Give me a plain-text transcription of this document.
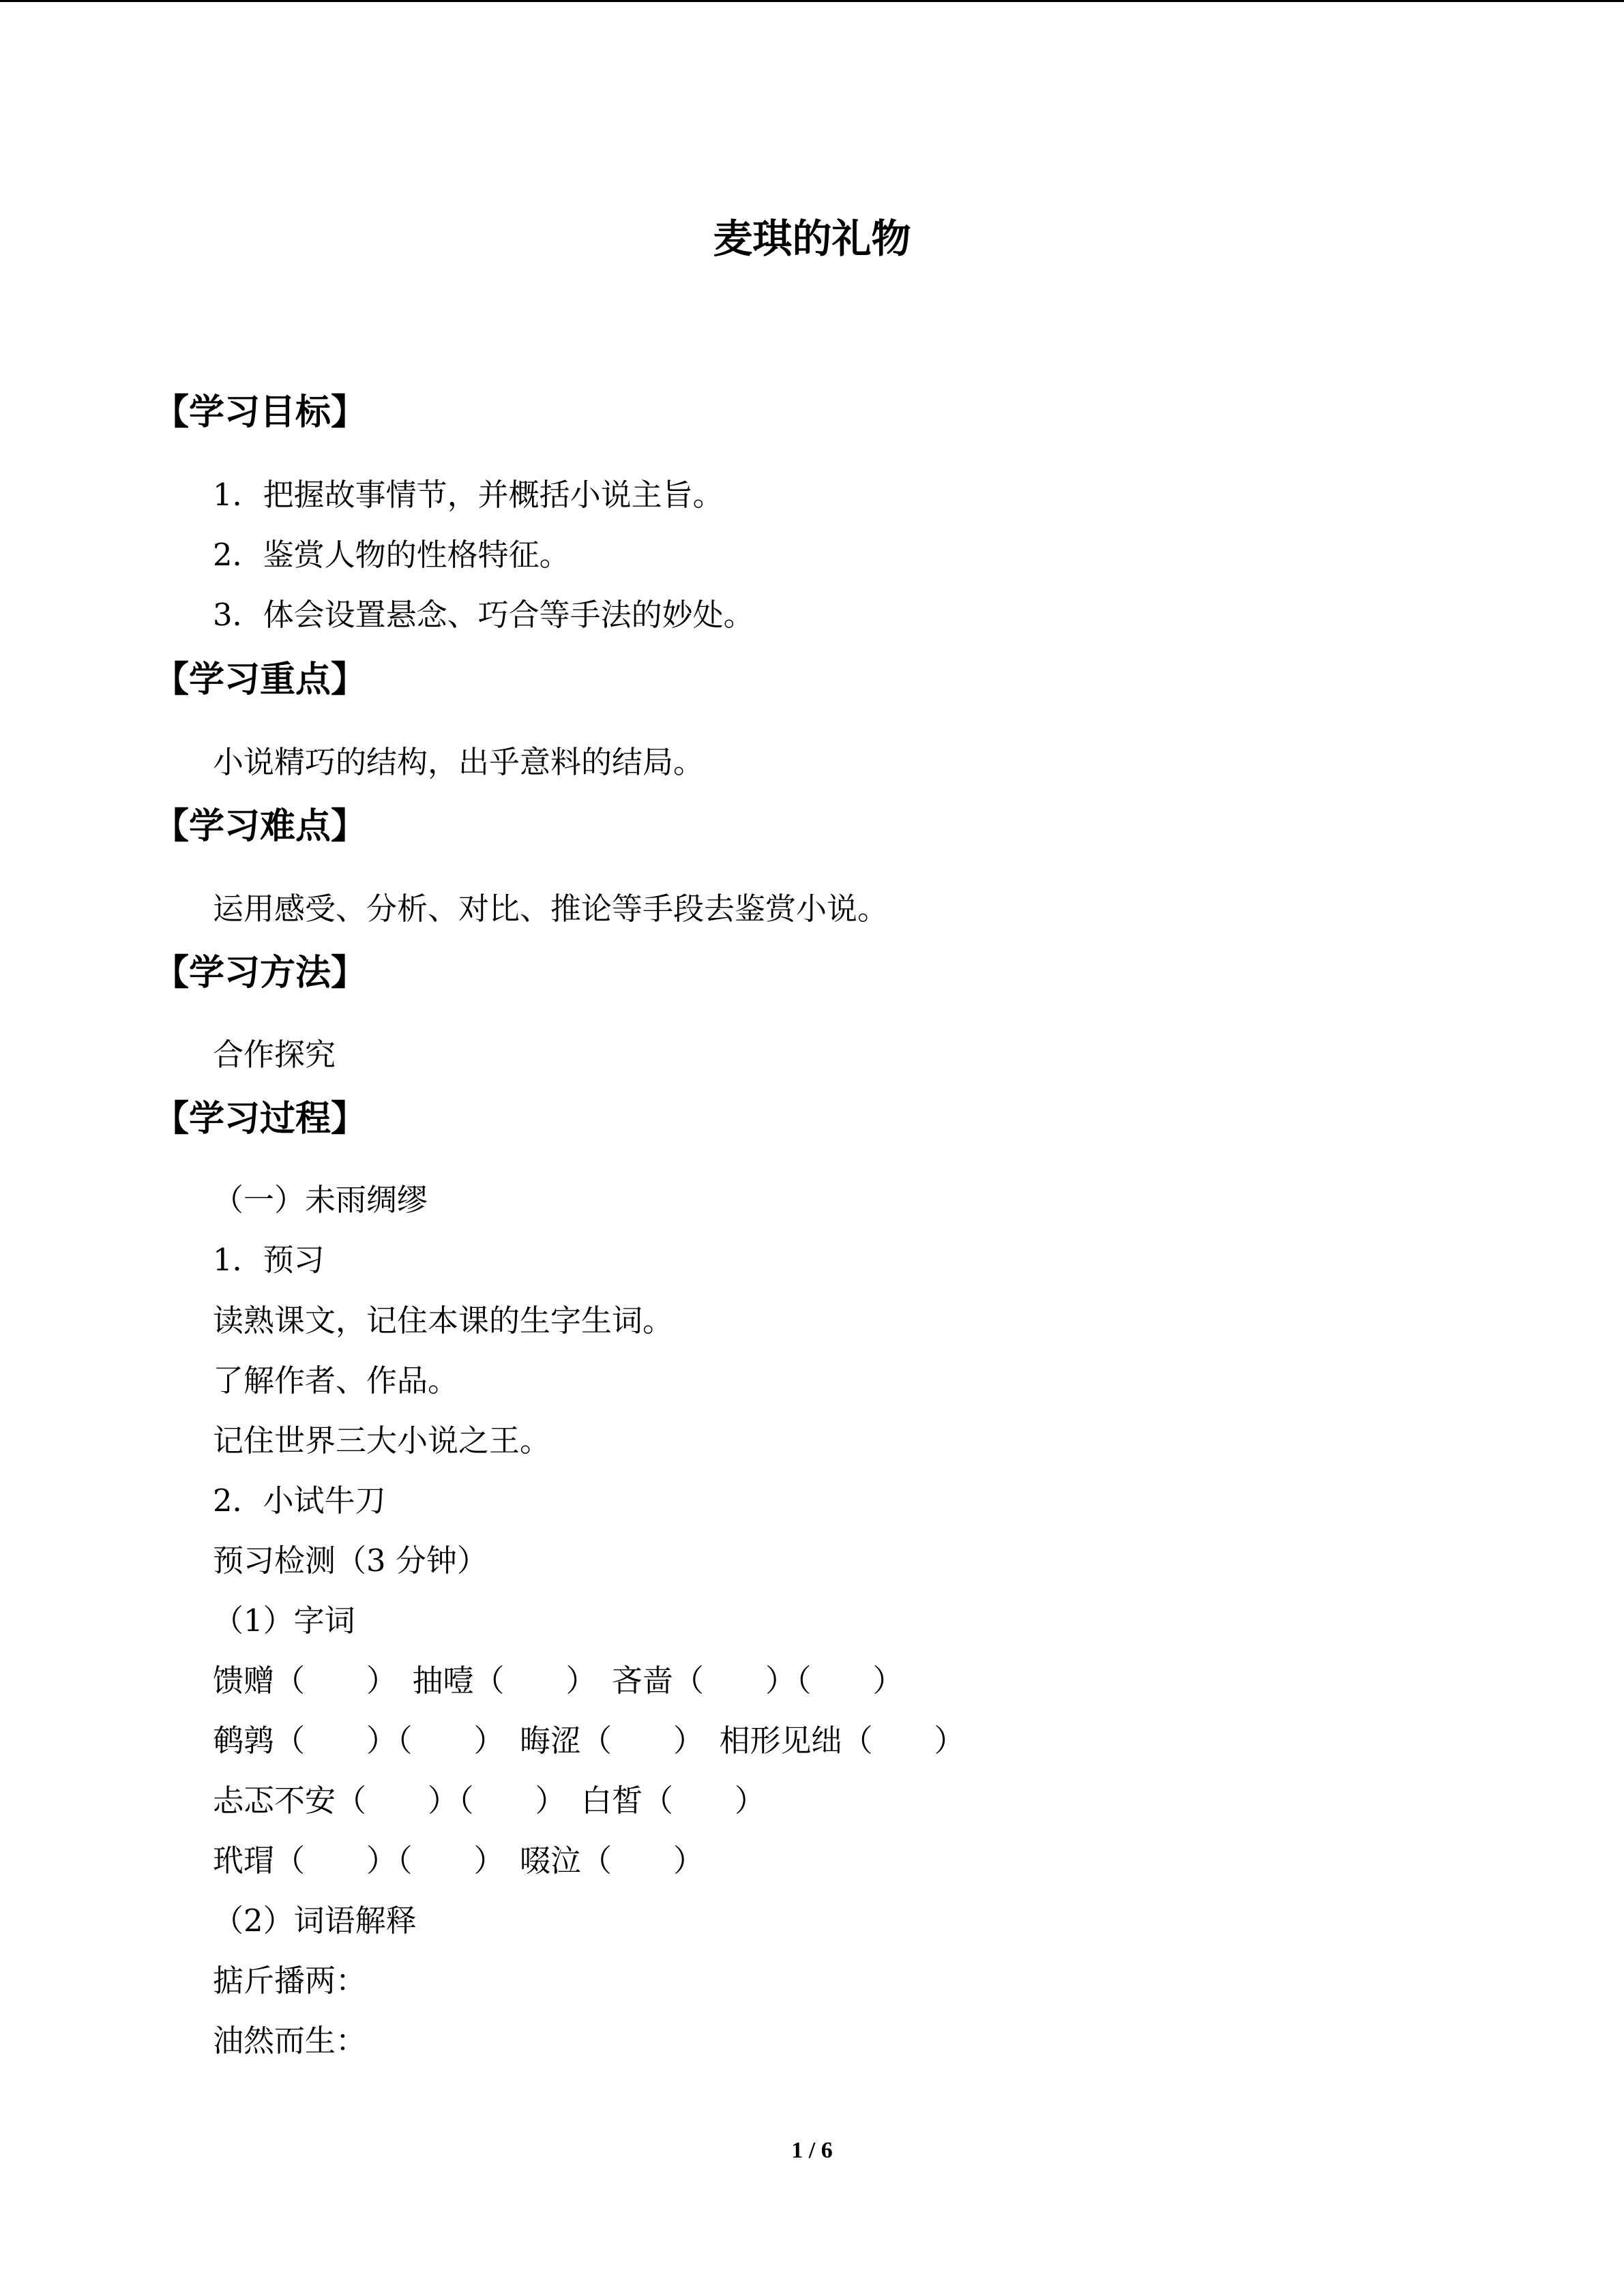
麦琪的礼物
【学习目标】
1．把握故事情节，并概括小说主旨。
2．鉴赏人物的性格特征。
3．体会设置悬念、巧合等手法的妙处。
【学习重点】
小说精巧的结构，出乎意料的结局。
【学习难点】
运用感受、分析、对比、推论等手段去鉴赏小说。
【学习方法】
合作探究
【学习过程】
（一）未雨绸缪
1．预习
读熟课文，记住本课的生字生词。
了解作者、作品。
记住世界三大小说之王。
2．小试牛刀
预习检测（3 分钟）
（1）字词
馈赠（　　）　抽噎（　　）　吝啬（　　）（　　）
鹌鹑（　　）（　　）　晦涩（　　）　相形见绌（　　）
忐忑不安（　　）（　　）　白皙（　　）
玳瑁（　　）（　　）　啜泣（　　）
（2）词语解释
掂斤播两：
油然而生：
1 / 6
